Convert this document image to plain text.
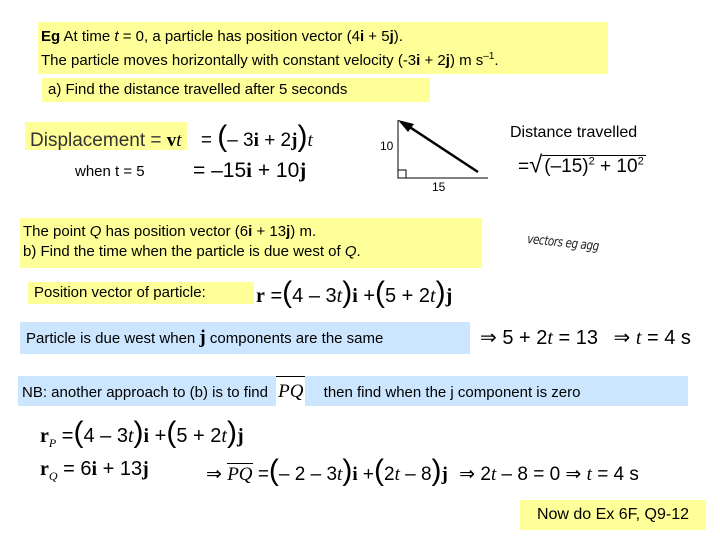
Eg At time t = 0, a particle has position vector (4i + 5j).
The particle moves horizontally with constant velocity (-3i + 2j) m $s^{-1}$.
a) Find the distance travelled after 5 seconds
Displacement = vt = (– 3i + 2j)t
when t = 5 = –15i + 10j
10
15
Distance travelled
=√ $(-15)^2 + 10^2$
The point Q has position vector (6i + 13j) m.
b) Find the time when the particle is due west of Q.	vectors eg agg
Position vector of particle:	r =(4 – 3t)i +(5 + 2t)j
Particle is due west when j components are the same	⇒ 5 + 2t = 13 ⇒ t = 4 s
NB: another approach to (b) is to find PQ then find when the j component is zero
$r_P =(4 - 3t)i +(5 + 2t)j$
$r_Q = 6i + 13j$	⇒ PQ =(– 2 – 3t)i +(2t – 8)j ⇒ 2t – 8 = 0 ⇒ t = 4 s
Now do Ex 6F, Q9-12
